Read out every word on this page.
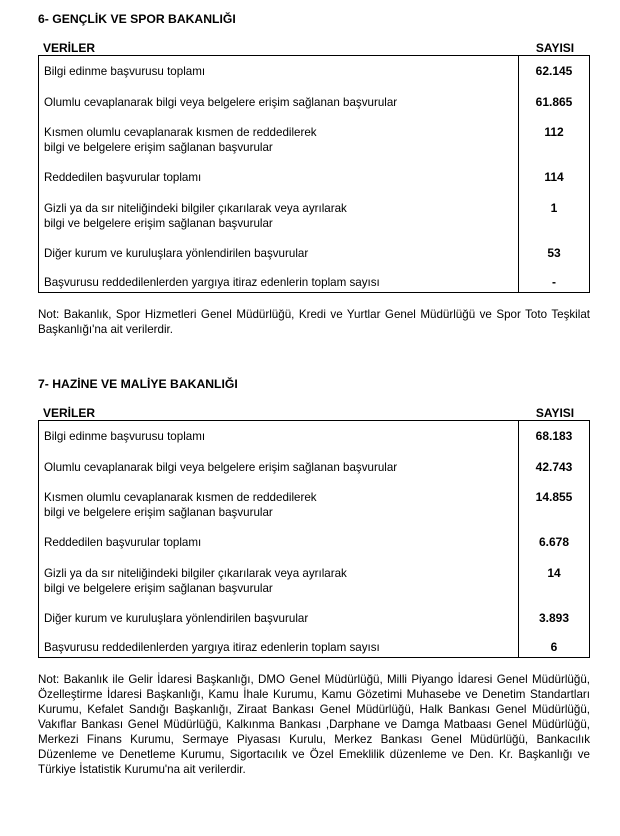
6- GENÇLİK VE SPOR BAKANLIĞI

VERİLER	SAYISI
Bilgi edinme başvurusu toplamı	62.145
Olumlu cevaplanarak bilgi veya belgelere erişim sağlanan başvurular	61.865
Kısmen olumlu cevaplanarak kısmen de reddedilerek
bilgi ve belgelere erişim sağlanan başvurular	112
Reddedilen başvurular toplamı	114
Gizli ya da sır niteliğindeki bilgiler çıkarılarak veya ayrılarak
bilgi ve belgelere erişim sağlanan başvurular	1
Diğer kurum ve kuruluşlara yönlendirilen başvurular	53
Başvurusu reddedilenlerden yargıya itiraz edenlerin toplam sayısı	-

Not: Bakanlık, Spor Hizmetleri Genel Müdürlüğü, Kredi ve Yurtlar Genel Müdürlüğü ve Spor Toto Teşkilat Başkanlığı'na ait verilerdir.

7- HAZİNE VE MALİYE BAKANLIĞI

VERİLER	SAYISI
Bilgi edinme başvurusu toplamı	68.183
Olumlu cevaplanarak bilgi veya belgelere erişim sağlanan başvurular	42.743
Kısmen olumlu cevaplanarak kısmen de reddedilerek
bilgi ve belgelere erişim sağlanan başvurular	14.855
Reddedilen başvurular toplamı	6.678
Gizli ya da sır niteliğindeki bilgiler çıkarılarak veya ayrılarak
bilgi ve belgelere erişim sağlanan başvurular	14
Diğer kurum ve kuruluşlara yönlendirilen başvurular	3.893
Başvurusu reddedilenlerden yargıya itiraz edenlerin toplam sayısı	6

Not: Bakanlık ile Gelir İdaresi Başkanlığı, DMO Genel Müdürlüğü, Milli Piyango İdaresi Genel Müdürlüğü, Özelleştirme İdaresi Başkanlığı, Kamu İhale Kurumu, Kamu Gözetimi Muhasebe ve Denetim Standartları Kurumu, Kefalet Sandığı Başkanlığı, Ziraat Bankası Genel Müdürlüğü, Halk Bankası Genel Müdürlüğü, Vakıflar Bankası Genel Müdürlüğü, Kalkınma Bankası ,Darphane ve Damga Matbaası Genel Müdürlüğü, Merkezi Finans Kurumu, Sermaye Piyasası Kurulu, Merkez Bankası Genel Müdürlüğü, Bankacılık Düzenleme ve Denetleme Kurumu, Sigortacılık ve Özel Emeklilik düzenleme ve Den. Kr. Başkanlığı ve Türkiye İstatistik Kurumu'na ait verilerdir.
